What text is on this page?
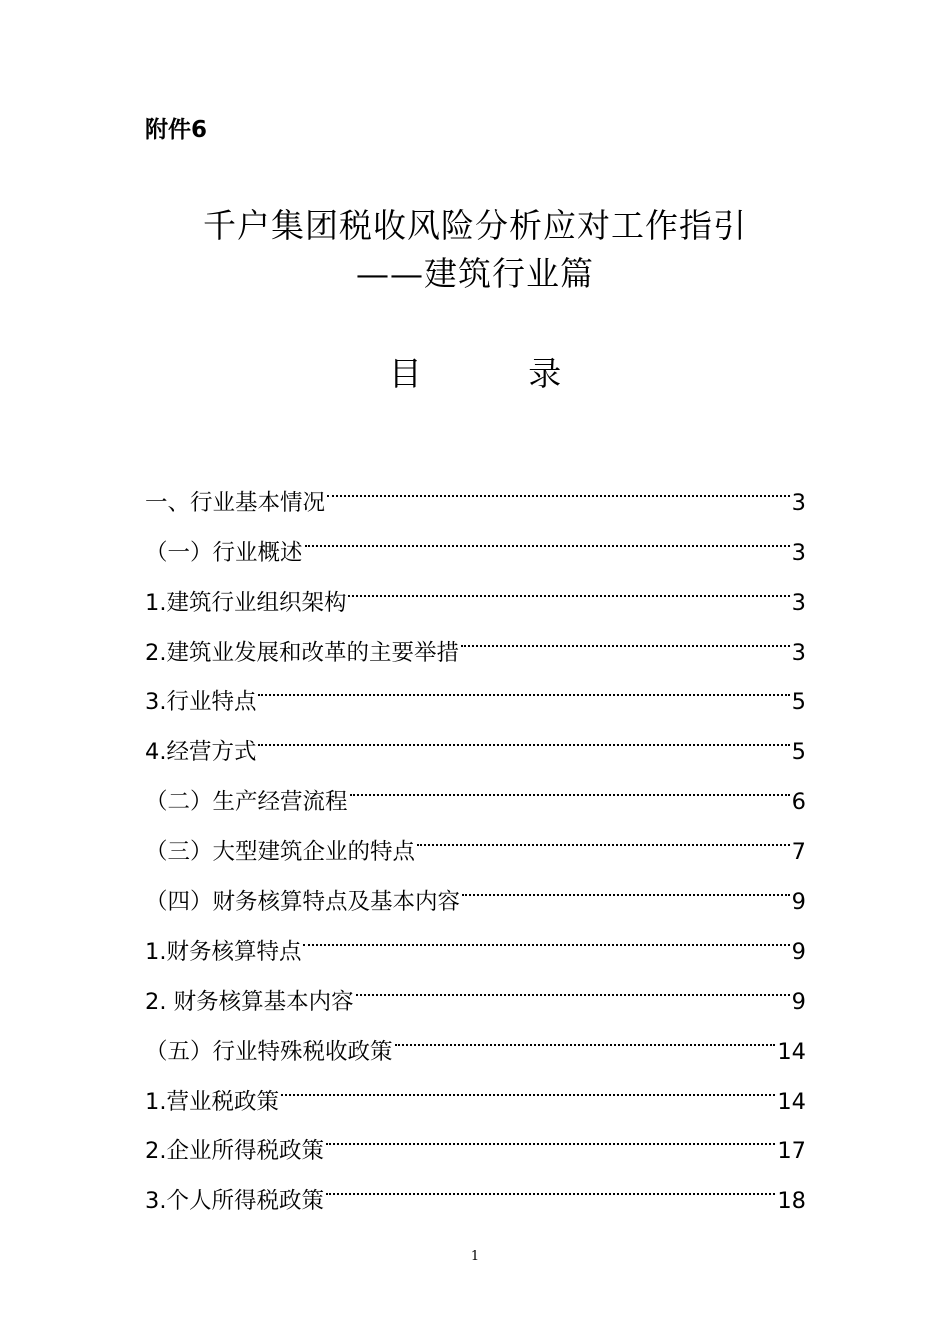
附件6
千户集团税收风险分析应对工作指引
——建筑行业篇
目 录
一、行业基本情况	3
（一）行业概述	3
1.建筑行业组织架构	3
2.建筑业发展和改革的主要举措	3
3.行业特点	5
4.经营方式	5
（二）生产经营流程	6
（三）大型建筑企业的特点	7
（四）财务核算特点及基本内容	9
1.财务核算特点	9
2. 财务核算基本内容	9
（五）行业特殊税收政策	14
1.营业税政策	14
2.企业所得税政策	17
3.个人所得税政策	18
1
